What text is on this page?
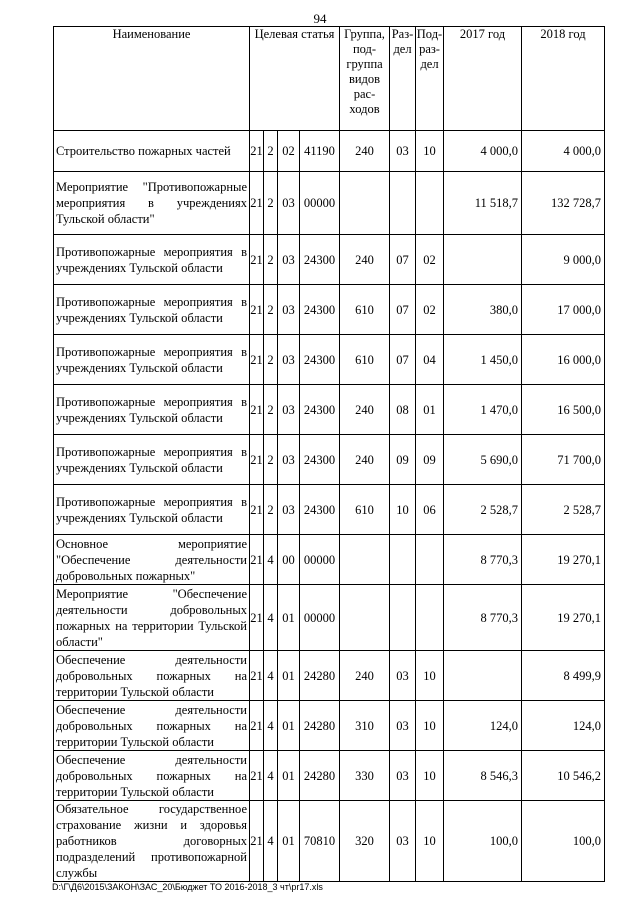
94
Наименование	Целевая статья				Группа, под-группа видов рас-ходов	Раз-дел	Под-раз-дел	2017 год	2018 год
Строительство пожарных частей	21	2	02	41190	240	03	10	4 000,0	4 000,0
Мероприятие "Противопожарные мероприятия в учреждениях Тульской области"	21	2	03	00000				11 518,7	132 728,7
Противопожарные мероприятия в учреждениях Тульской области	21	2	03	24300	240	07	02		9 000,0
Противопожарные мероприятия в учреждениях Тульской области	21	2	03	24300	610	07	02	380,0	17 000,0
Противопожарные мероприятия в учреждениях Тульской области	21	2	03	24300	610	07	04	1 450,0	16 000,0
Противопожарные мероприятия в учреждениях Тульской области	21	2	03	24300	240	08	01	1 470,0	16 500,0
Противопожарные мероприятия в учреждениях Тульской области	21	2	03	24300	240	09	09	5 690,0	71 700,0
Противопожарные мероприятия в учреждениях Тульской области	21	2	03	24300	610	10	06	2 528,7	2 528,7
Основное мероприятие "Обеспечение деятельности добровольных пожарных"	21	4	00	00000				8 770,3	19 270,1
Мероприятие "Обеспечение деятельности добровольных пожарных на территории Тульской области"	21	4	01	00000				8 770,3	19 270,1
Обеспечение деятельности добровольных пожарных на территории Тульской области	21	4	01	24280	240	03	10		8 499,9
Обеспечение деятельности добровольных пожарных на территории Тульской области	21	4	01	24280	310	03	10	124,0	124,0
Обеспечение деятельности добровольных пожарных на территории Тульской области	21	4	01	24280	330	03	10	8 546,3	10 546,2
Обязательное государственное страхование жизни и здоровья работников договорных подразделений противопожарной службы	21	4	01	70810	320	03	10	100,0	100,0
D:\Г\Д6\2015\ЗАКОН\ЗАС_20\Бюджет ТО 2016-2018_3 чт\pr17.xls
